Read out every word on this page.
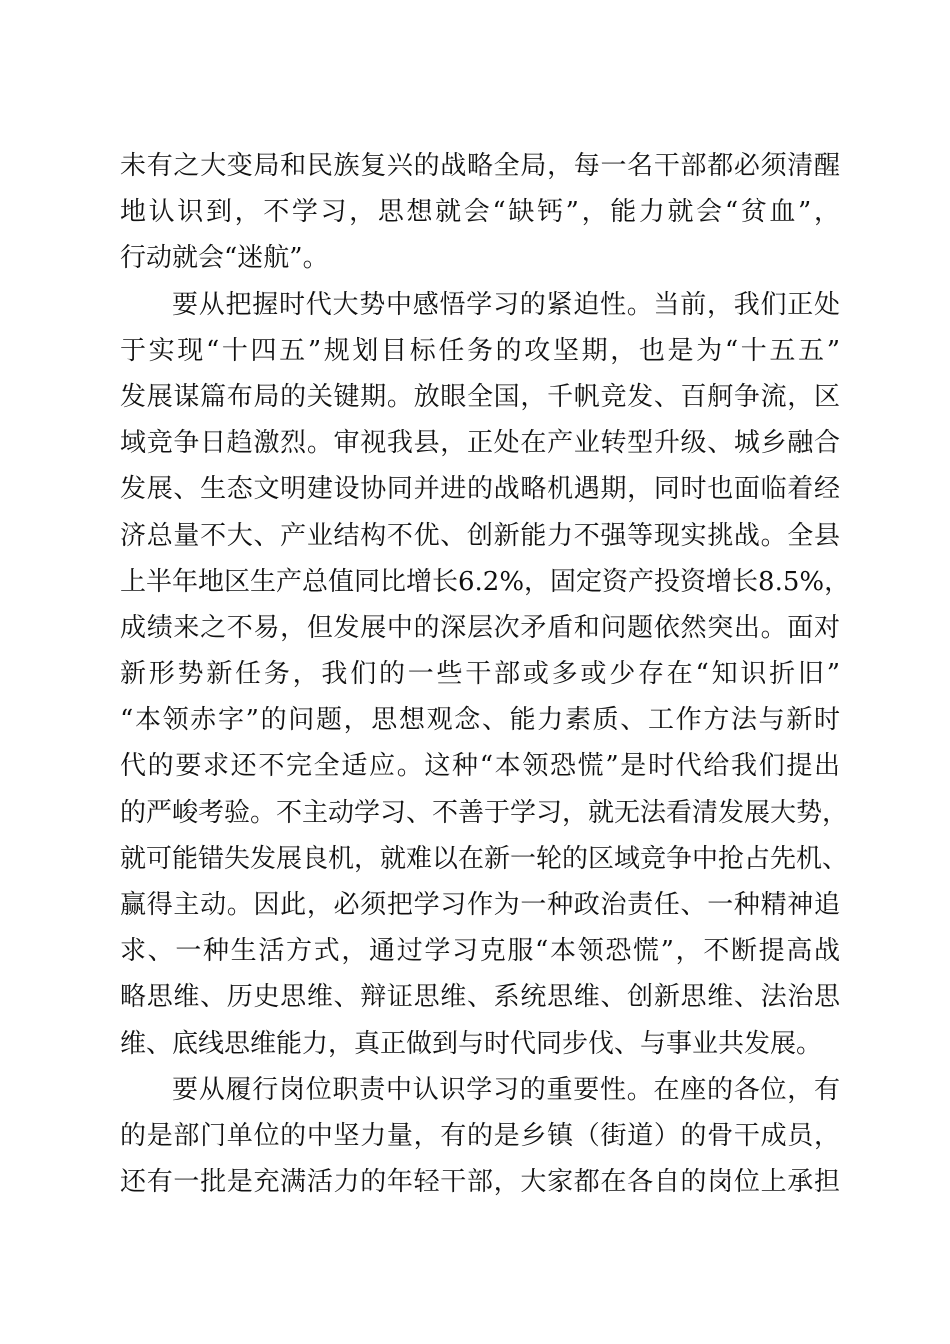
未有之大变局和民族复兴的战略全局，每一名干部都必须清醒
地认识到，不学习，思想就会“缺钙”，能力就会“贫血”，
行动就会“迷航”。
要从把握时代大势中感悟学习的紧迫性。当前，我们正处
于实现“十四五”规划目标任务的攻坚期，也是为“十五五”
发展谋篇布局的关键期。放眼全国，千帆竞发、百舸争流，区
域竞争日趋激烈。审视我县，正处在产业转型升级、城乡融合
发展、生态文明建设协同并进的战略机遇期，同时也面临着经
济总量不大、产业结构不优、创新能力不强等现实挑战。全县
上半年地区生产总值同比增长6.2%，固定资产投资增长8.5%，
成绩来之不易，但发展中的深层次矛盾和问题依然突出。面对
新形势新任务，我们的一些干部或多或少存在“知识折旧”
“本领赤字”的问题，思想观念、能力素质、工作方法与新时
代的要求还不完全适应。这种“本领恐慌”是时代给我们提出
的严峻考验。不主动学习、不善于学习，就无法看清发展大势，
就可能错失发展良机，就难以在新一轮的区域竞争中抢占先机、
赢得主动。因此，必须把学习作为一种政治责任、一种精神追
求、一种生活方式，通过学习克服“本领恐慌”，不断提高战
略思维、历史思维、辩证思维、系统思维、创新思维、法治思
维、底线思维能力，真正做到与时代同步伐、与事业共发展。
要从履行岗位职责中认识学习的重要性。在座的各位，有
的是部门单位的中坚力量，有的是乡镇（街道）的骨干成员，
还有一批是充满活力的年轻干部，大家都在各自的岗位上承担
